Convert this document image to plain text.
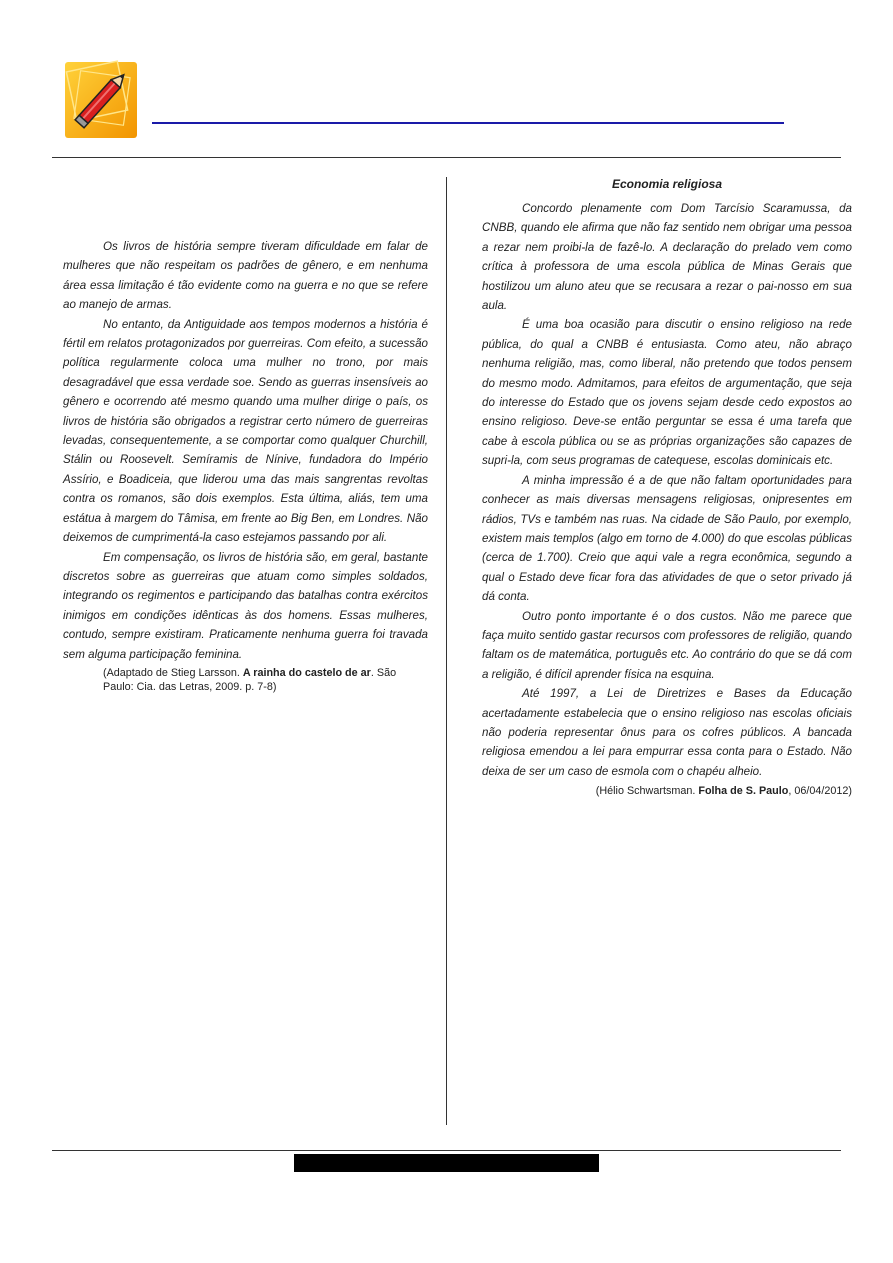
Os livros de história sempre tiveram dificuldade em falar de mulheres que não respeitam os padrões de gênero, e em nenhuma área essa limitação é tão evidente como na guerra e no que se refere ao manejo de armas.

No entanto, da Antiguidade aos tempos modernos a história é fértil em relatos protagonizados por guerreiras. Com efeito, a sucessão política regularmente coloca uma mulher no trono, por mais desagradável que essa verdade soe. Sendo as guerras insensíveis ao gênero e ocorrendo até mesmo quando uma mulher dirige o país, os livros de história são obrigados a registrar certo número de guerreiras levadas, consequentemente, a se comportar como qualquer Churchill, Stálin ou Roosevelt. Semíramis de Nínive, fundadora do Império Assírio, e Boadiceia, que liderou uma das mais sangrentas revoltas contra os romanos, são dois exemplos. Esta última, aliás, tem uma estátua à margem do Tâmisa, em frente ao Big Ben, em Londres. Não deixemos de cumprimentá-la caso estejamos passando por ali.

Em compensação, os livros de história são, em geral, bastante discretos sobre as guerreiras que atuam como simples soldados, integrando os regimentos e participando das batalhas contra exércitos inimigos em condições idênticas às dos homens. Essas mulheres, contudo, sempre existiram. Praticamente nenhuma guerra foi travada sem alguma participação feminina.

(Adaptado de Stieg Larsson. A rainha do castelo de ar. São Paulo: Cia. das Letras, 2009. p. 7-8)

Economia religiosa

Concordo plenamente com Dom Tarcísio Scaramussa, da CNBB, quando ele afirma que não faz sentido nem obrigar uma pessoa a rezar nem proibi-la de fazê-lo. A declaração do prelado vem como crítica à professora de uma escola pública de Minas Gerais que hostilizou um aluno ateu que se recusara a rezar o pai-nosso em sua aula.

É uma boa ocasião para discutir o ensino religioso na rede pública, do qual a CNBB é entusiasta. Como ateu, não abraço nenhuma religião, mas, como liberal, não pretendo que todos pensem do mesmo modo. Admitamos, para efeitos de argumentação, que seja do interesse do Estado que os jovens sejam desde cedo expostos ao ensino religioso. Deve-se então perguntar se essa é uma tarefa que cabe à escola pública ou se as próprias organizações são capazes de supri-la, com seus programas de catequese, escolas dominicais etc.

A minha impressão é a de que não faltam oportunidades para conhecer as mais diversas mensagens religiosas, onipresentes em rádios, TVs e também nas ruas. Na cidade de São Paulo, por exemplo, existem mais templos (algo em torno de 4.000) do que escolas públicas (cerca de 1.700). Creio que aqui vale a regra econômica, segundo a qual o Estado deve ficar fora das atividades de que o setor privado já dá conta.

Outro ponto importante é o dos custos. Não me parece que faça muito sentido gastar recursos com professores de religião, quando faltam os de matemática, português etc. Ao contrário do que se dá com a religião, é difícil aprender física na esquina.

Até 1997, a Lei de Diretrizes e Bases da Educação acertadamente estabelecia que o ensino religioso nas escolas oficiais não poderia representar ônus para os cofres públicos. A bancada religiosa emendou a lei para empurrar essa conta para o Estado. Não deixa de ser um caso de esmola com o chapéu alheio.

(Hélio Schwartsman. Folha de S. Paulo, 06/04/2012)
